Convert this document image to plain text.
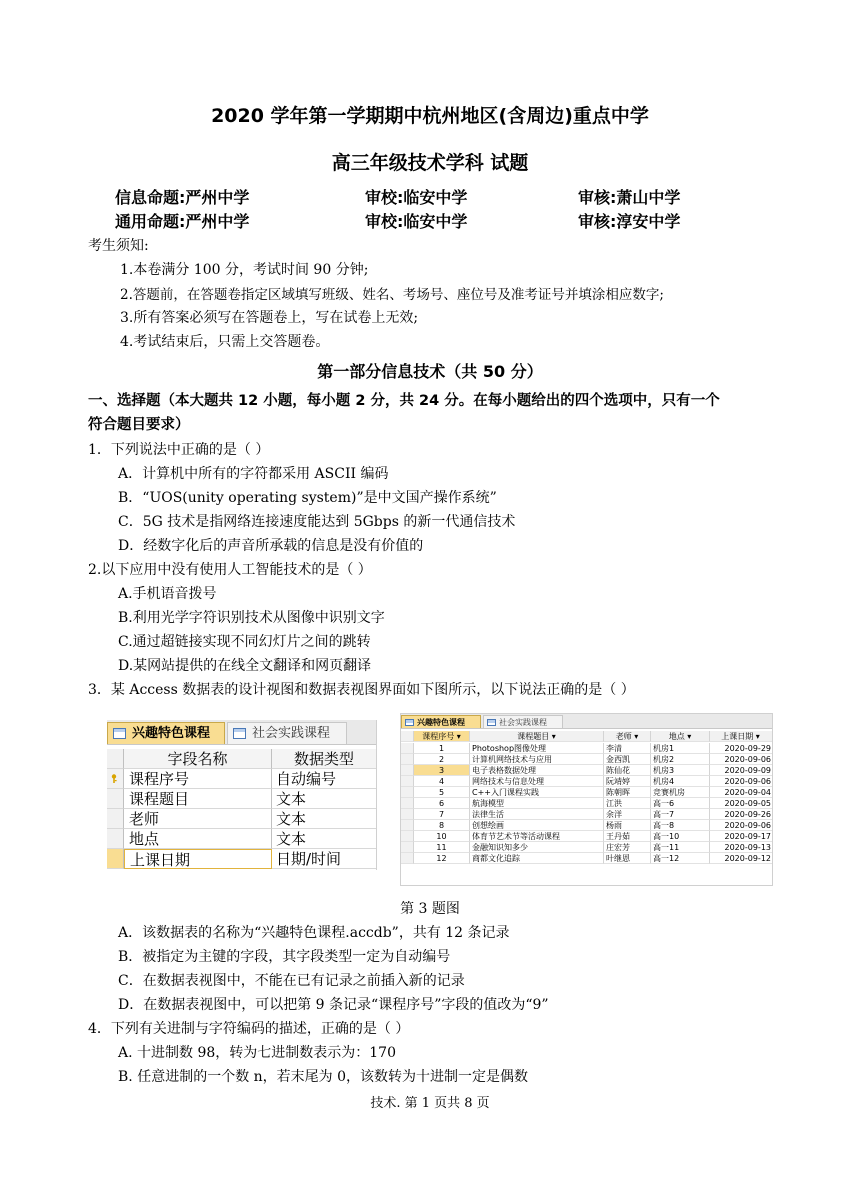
2020 学年第一学期期中杭州地区(含周边)重点中学
高三年级技术学科 试题
信息命题:严州中学	审校:临安中学	审核:萧山中学
通用命题:严州中学	审校:临安中学	审核:淳安中学
考生须知:
1.本卷满分 100 分，考试时间 90 分钟;
2.答题前，在答题卷指定区域填写班级、姓名、考场号、座位号及准考证号并填涂相应数字;
3.所有答案必须写在答题卷上，写在试卷上无效;
4.考试结束后，只需上交答题卷。
第一部分信息技术（共 50 分）
一、选择题（本大题共 12 小题，每小题 2 分，共 24 分。在每小题给出的四个选项中，只有一个
符合题目要求）
1．下列说法中正确的是（ ）
A．计算机中所有的字符都采用 ASCII 编码
B．“UOS(unity operating system)”是中文国产操作系统”
C．5G 技术是指网络连接速度能达到 5Gbps 的新一代通信技术
D．经数字化后的声音所承载的信息是没有价值的
2.以下应用中没有使用人工智能技术的是（ ）
A.手机语音拨号
B.利用光学字符识别技术从图像中识别文字
C.通过超链接实现不同幻灯片之间的跳转
D.某网站提供的在线全文翻译和网页翻译
3．某 Access 数据表的设计视图和数据表视图界面如下图所示，以下说法正确的是（ ）
兴趣特色课程	社会实践课程
字段名称	数据类型
课程序号	自动编号
课程题目	文本
老师	文本
地点	文本
上课日期	日期/时间
兴趣特色课程	社会实践课程
课程序号 ▾	课程题目 ▾	老师 ▾	地点 ▾	上课日期 ▾
1	Photoshop图像处理	李清	机房1	2020-09-29
2	计算机网络技术与应用	金西凯	机房2	2020-09-06
3	电子表格数据处理	陈仙花	机房3	2020-09-09
4	网络技术与信息处理	阮靖婷	机房4	2020-09-06
5	C++入门课程实践	陈朝晖	竞赛机房	2020-09-04
6	航海模型	江洪	高一6	2020-09-05
7	法律生活	余洋	高一7	2020-09-26
8	创想绘画	杨雨	高一8	2020-09-06
10	体育节艺术节等活动课程	王丹茹	高一10	2020-09-17
11	金融知识知多少	庄宏芳	高一11	2020-09-13
12	商都文化追踪	叶继恩	高一12	2020-09-12
第 3 题图
A．该数据表的名称为“兴趣特色课程.accdb”，共有 12 条记录
B．被指定为主键的字段，其字段类型一定为自动编号
C．在数据表视图中，不能在已有记录之前插入新的记录
D．在数据表视图中，可以把第 9 条记录“课程序号”字段的值改为“9”
4．下列有关进制与字符编码的描述，正确的是（ ）
A. 十进制数 98，转为七进制数表示为：170
B. 任意进制的一个数 n，若末尾为 0，该数转为十进制一定是偶数
技术. 第 1 页共 8 页
